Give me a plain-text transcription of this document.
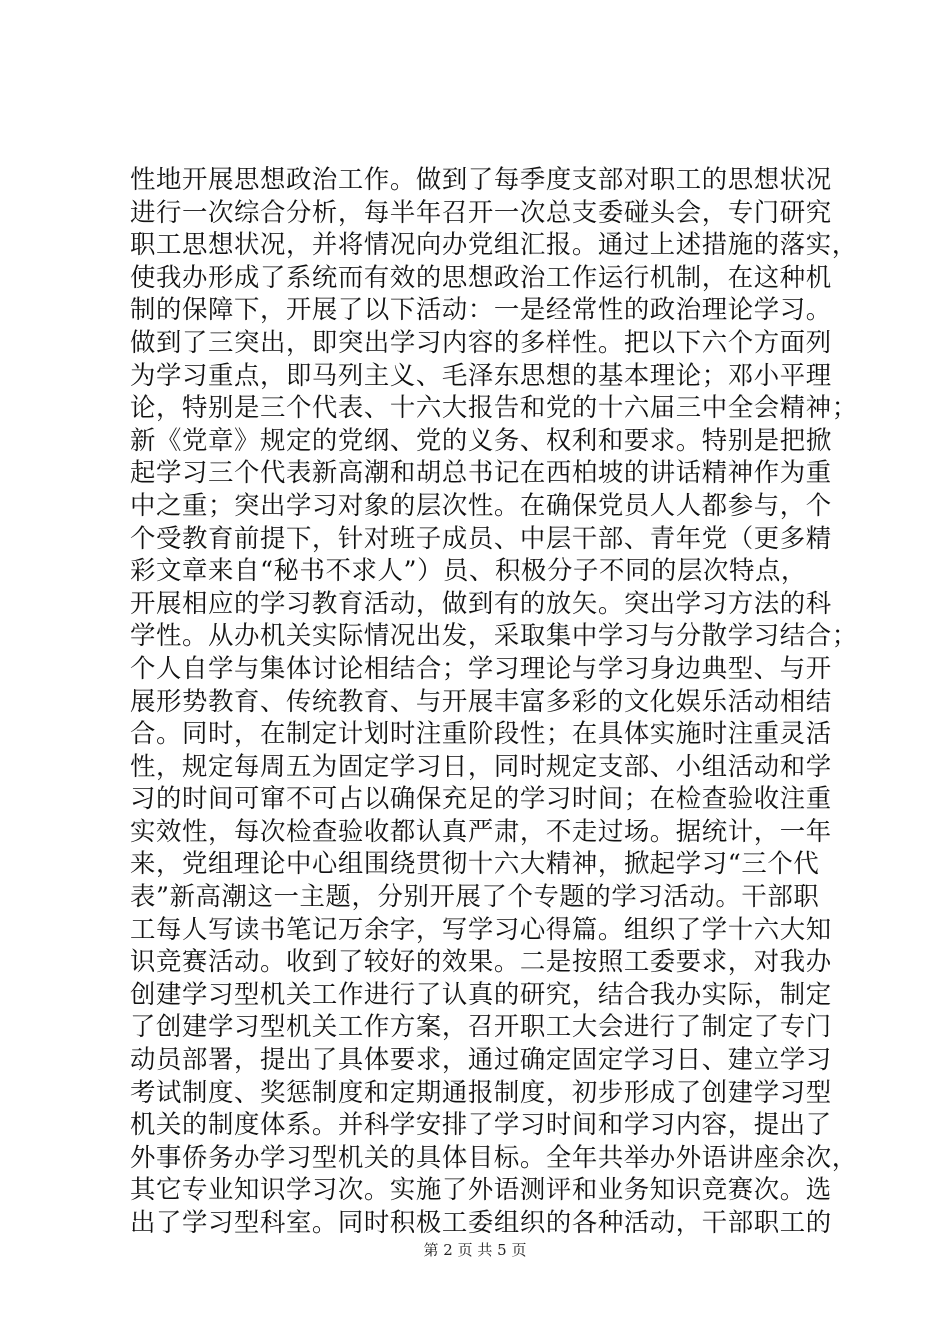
性地开展思想政治工作。做到了每季度支部对职工的思想状况
进行一次综合分析，每半年召开一次总支委碰头会，专门研究
职工思想状况，并将情况向办党组汇报。通过上述措施的落实，
使我办形成了系统而有效的思想政治工作运行机制，在这种机
制的保障下，开展了以下活动：一是经常性的政治理论学习。
做到了三突出，即突出学习内容的多样性。把以下六个方面列
为学习重点，即马列主义、毛泽东思想的基本理论；邓小平理
论，特别是三个代表、十六大报告和党的十六届三中全会精神；
新《党章》规定的党纲、党的义务、权利和要求。特别是把掀
起学习三个代表新高潮和胡总书记在西柏坡的讲话精神作为重
中之重；突出学习对象的层次性。在确保党员人人都参与，个
个受教育前提下，针对班子成员、中层干部、青年党（更多精
彩文章来自“秘书不求人”）员、积极分子不同的层次特点，
开展相应的学习教育活动，做到有的放矢。突出学习方法的科
学性。从办机关实际情况出发，采取集中学习与分散学习结合；
个人自学与集体讨论相结合；学习理论与学习身边典型、与开
展形势教育、传统教育、与开展丰富多彩的文化娱乐活动相结
合。同时，在制定计划时注重阶段性；在具体实施时注重灵活
性，规定每周五为固定学习日，同时规定支部、小组活动和学
习的时间可窜不可占以确保充足的学习时间；在检查验收注重
实效性，每次检查验收都认真严肃，不走过场。据统计，一年
来，党组理论中心组围绕贯彻十六大精神，掀起学习“三个代
表”新高潮这一主题，分别开展了个专题的学习活动。干部职
工每人写读书笔记万余字，写学习心得篇。组织了学十六大知
识竞赛活动。收到了较好的效果。二是按照工委要求，对我办
创建学习型机关工作进行了认真的研究，结合我办实际，制定
了创建学习型机关工作方案，召开职工大会进行了制定了专门
动员部署，提出了具体要求，通过确定固定学习日、建立学习
考试制度、奖惩制度和定期通报制度，初步形成了创建学习型
机关的制度体系。并科学安排了学习时间和学习内容，提出了
外事侨务办学习型机关的具体目标。全年共举办外语讲座余次，
其它专业知识学习次。实施了外语测评和业务知识竞赛次。选
出了学习型科室。同时积极工委组织的各种活动，干部职工的
第 2 页 共 5 页
